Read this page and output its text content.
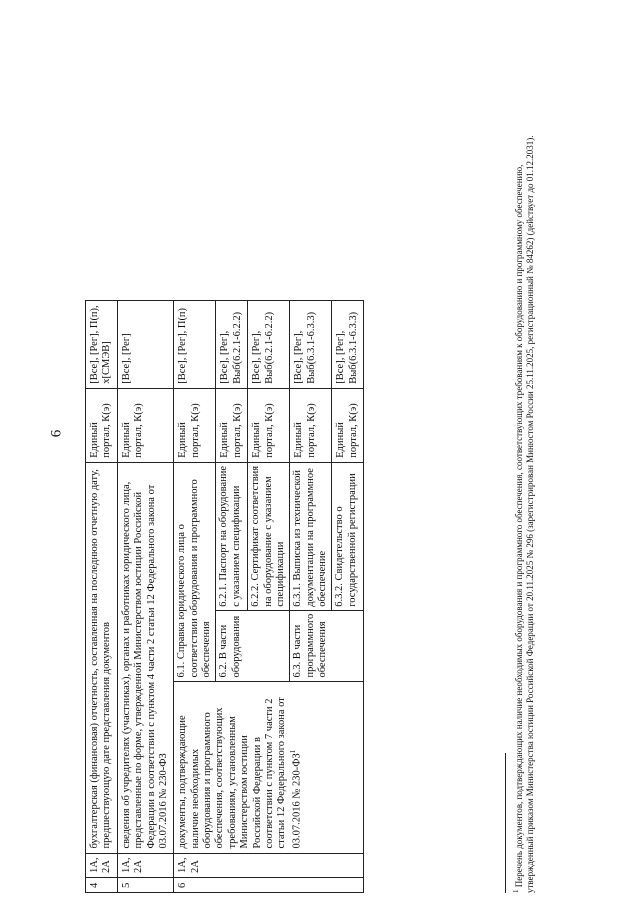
6
4	1А, 2А	бухгалтерская (финансовая) отчетность, составленная на последнюю отчетную дату, предшествующую дате представления документов			Единый портал, К(э)	[Все], [Рег], П(п), х[СМЭВ]
5	1А, 2А	сведения об учредителях (участниках), органах и работниках юридического лица, представленные по форме, утвержденной Министерством юстиции Российской Федерации в соответствии с пунктом 4 части 2 статьи 12 Федерального закона от 03.07.2016 № 230-ФЗ			Единый портал, К(э)	[Все], [Рег]
6	1А, 2А	документы, подтверждающие наличие необходимых оборудования и программного обеспечения, соответствующих требованиям, установленным Министерством юстиции Российской Федерации в соответствии с пунктом 7 части 2 статьи 12 Федерального закона от 03.07.2016 № $230-ФЗ^1$	6.1. Справка юридического лица о соответствии оборудования и программного обеспечения		Единый портал, К(э)	[Все], [Рег], П(п)
			6.2. В части оборудования	6.2.1. Паспорт на оборудование с указанием спецификации	Единый портал, К(э)	[Все], [Рег], Выб(6.2.1-6.2.2)
				6.2.2. Сертификат соответствия на оборудование с указанием спецификации	Единый портал, К(э)	[Все], [Рег], Выб(6.2.1-6.2.2)
			6.3. В части программного обеспечения	6.3.1. Выписка из технической документации на программное обеспечение	Единый портал, К(э)	[Все], [Рег], Выб(6.3.1-6.3.3)
				6.3.2. Свидетельство о государственной регистрации	Единый портал, К(э)	[Все], [Рег], Выб(6.3.1-6.3.3)
$^1$ Перечень документов, подтверждающих наличие необходимых оборудования и программного обеспечения, соответствующих требованиям к оборудованию и программному обеспечению, утвержденный приказом Министерства юстиции Российской Федерации от 20.11.2025 № 296 (зарегистрирован Минюстом России 25.11.2025, регистрационный № 84262) (действует до 01.12.2031).
